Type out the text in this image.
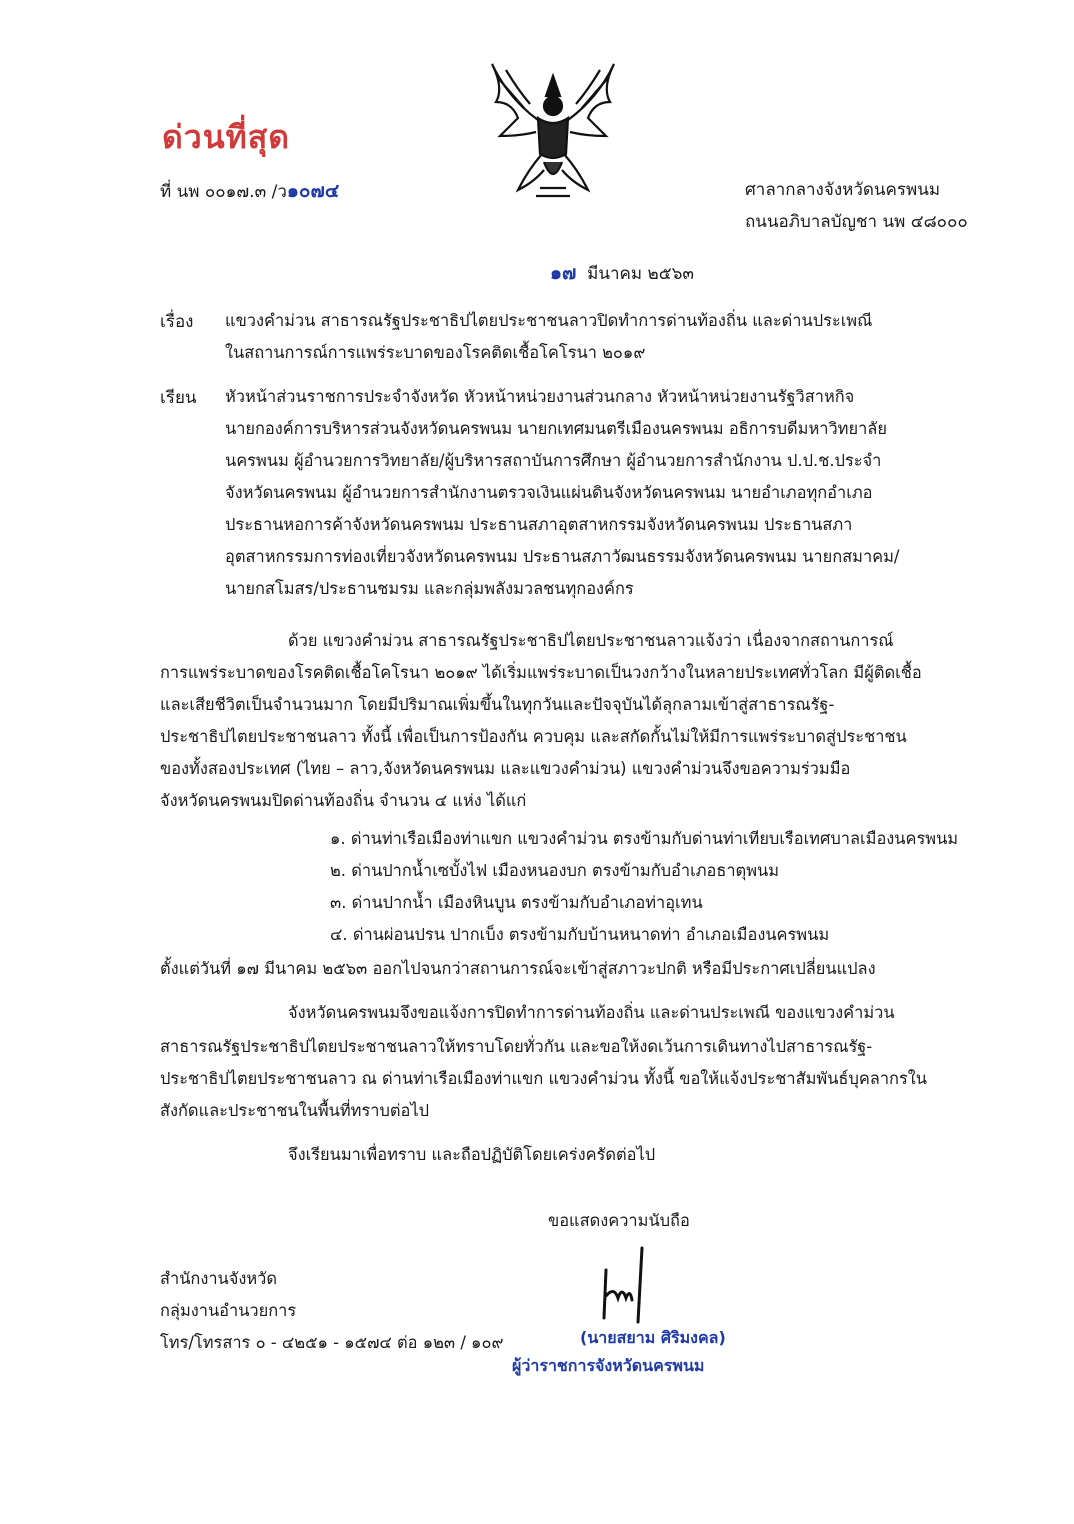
ด่วนที่สุด
ที่ นพ ๐๐๑๗.๓ /ว๑๐๗๔	ศาลากลางจังหวัดนครพนม
ถนนอภิบาลบัญชา นพ ๔๘๐๐๐
๑๗ มีนาคม ๒๕๖๓
เรื่อง แขวงคำม่วน สาธารณรัฐประชาธิปไตยประชาชนลาวปิดทำการด่านท้องถิ่น และด่านประเพณี
ในสถานการณ์การแพร่ระบาดของโรคติดเชื้อโคโรนา ๒๐๑๙
เรียน หัวหน้าส่วนราชการประจำจังหวัด หัวหน้าหน่วยงานส่วนกลาง หัวหน้าหน่วยงานรัฐวิสาหกิจ
นายกองค์การบริหารส่วนจังหวัดนครพนม นายกเทศมนตรีเมืองนครพนม อธิการบดีมหาวิทยาลัย
นครพนม ผู้อำนวยการวิทยาลัย/ผู้บริหารสถาบันการศึกษา ผู้อำนวยการสำนักงาน ป.ป.ช.ประจำ
จังหวัดนครพนม ผู้อำนวยการสำนักงานตรวจเงินแผ่นดินจังหวัดนครพนม นายอำเภอทุกอำเภอ
ประธานหอการค้าจังหวัดนครพนม ประธานสภาอุตสาหกรรมจังหวัดนครพนม ประธานสภา
อุตสาหกรรมการท่องเที่ยวจังหวัดนครพนม ประธานสภาวัฒนธรรมจังหวัดนครพนม นายกสมาคม/
นายกสโมสร/ประธานชมรม และกลุ่มพลังมวลชนทุกองค์กร
ด้วย แขวงคำม่วน สาธารณรัฐประชาธิปไตยประชาชนลาวแจ้งว่า เนื่องจากสถานการณ์
การแพร่ระบาดของโรคติดเชื้อโคโรนา ๒๐๑๙ ได้เริ่มแพร่ระบาดเป็นวงกว้างในหลายประเทศทั่วโลก มีผู้ติดเชื้อ
และเสียชีวิตเป็นจำนวนมาก โดยมีปริมาณเพิ่มขึ้นในทุกวันและปัจจุบันได้ลุกลามเข้าสู่สาธารณรัฐ-
ประชาธิปไตยประชาชนลาว ทั้งนี้ เพื่อเป็นการป้องกัน ควบคุม และสกัดกั้นไม่ให้มีการแพร่ระบาดสู่ประชาชน
ของทั้งสองประเทศ (ไทย – ลาว,จังหวัดนครพนม และแขวงคำม่วน) แขวงคำม่วนจึงขอความร่วมมือ
จังหวัดนครพนมปิดด่านท้องถิ่น จำนวน ๔ แห่ง ได้แก่
๑. ด่านท่าเรือเมืองท่าแขก แขวงคำม่วน ตรงข้ามกับด่านท่าเทียบเรือเทศบาลเมืองนครพนม
๒. ด่านปากน้ำเซบั้งไฟ เมืองหนองบก ตรงข้ามกับอำเภอธาตุพนม
๓. ด่านปากน้ำ เมืองหินบูน ตรงข้ามกับอำเภอท่าอุเทน
๔. ด่านผ่อนปรน ปากเบ็ง ตรงข้ามกับบ้านหนาดท่า อำเภอเมืองนครพนม
ตั้งแต่วันที่ ๑๗ มีนาคม ๒๕๖๓ ออกไปจนกว่าสถานการณ์จะเข้าสู่สภาวะปกติ หรือมีประกาศเปลี่ยนแปลง
จังหวัดนครพนมจึงขอแจ้งการปิดทำการด่านท้องถิ่น และด่านประเพณี ของแขวงคำม่วน
สาธารณรัฐประชาธิปไตยประชาชนลาวให้ทราบโดยทั่วกัน และขอให้งดเว้นการเดินทางไปสาธารณรัฐ-
ประชาธิปไตยประชาชนลาว ณ ด่านท่าเรือเมืองท่าแขก แขวงคำม่วน ทั้งนี้ ขอให้แจ้งประชาสัมพันธ์บุคลากรใน
สังกัดและประชาชนในพื้นที่ทราบต่อไป
จึงเรียนมาเพื่อทราบ และถือปฏิบัติโดยเคร่งครัดต่อไป
ขอแสดงความนับถือ
(นายสยาม ศิริมงคล)
ผู้ว่าราชการจังหวัดนครพนม
สำนักงานจังหวัด
กลุ่มงานอำนวยการ
โทร/โทรสาร ๐ - ๔๒๕๑ - ๑๕๗๔ ต่อ ๑๒๓ / ๑๐๙
